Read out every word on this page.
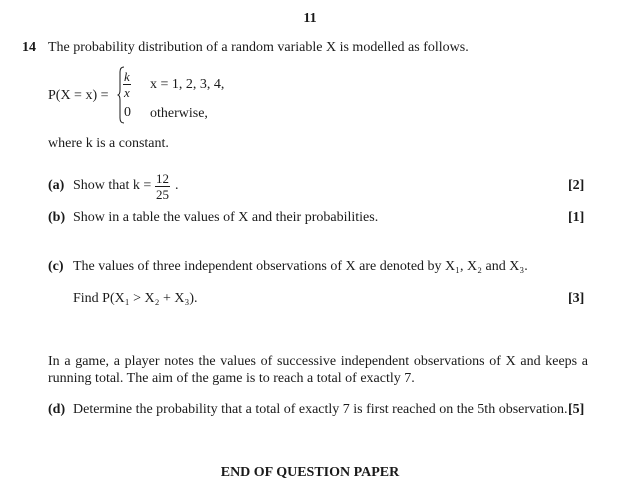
11
14 The probability distribution of a random variable X is modelled as follows.
P(X = x) =
k
x
x = 1, 2, 3, 4,
0 otherwise,
where k is a constant.
(a) Show that k = 12
25
.	[2]
(b) Show in a table the values of X and their probabilities.	[1]
(c) The values of three independent observations of X are denoted by X₁, X₂ and X₃.
Find P(X₁ > X₂ + X₃).	[3]
In a game, a player notes the values of successive independent observations of X and keeps a running total. The aim of the game is to reach a total of exactly 7.
(d) Determine the probability that a total of exactly 7 is first reached on the 5th observation. [5]
END OF QUESTION PAPER
